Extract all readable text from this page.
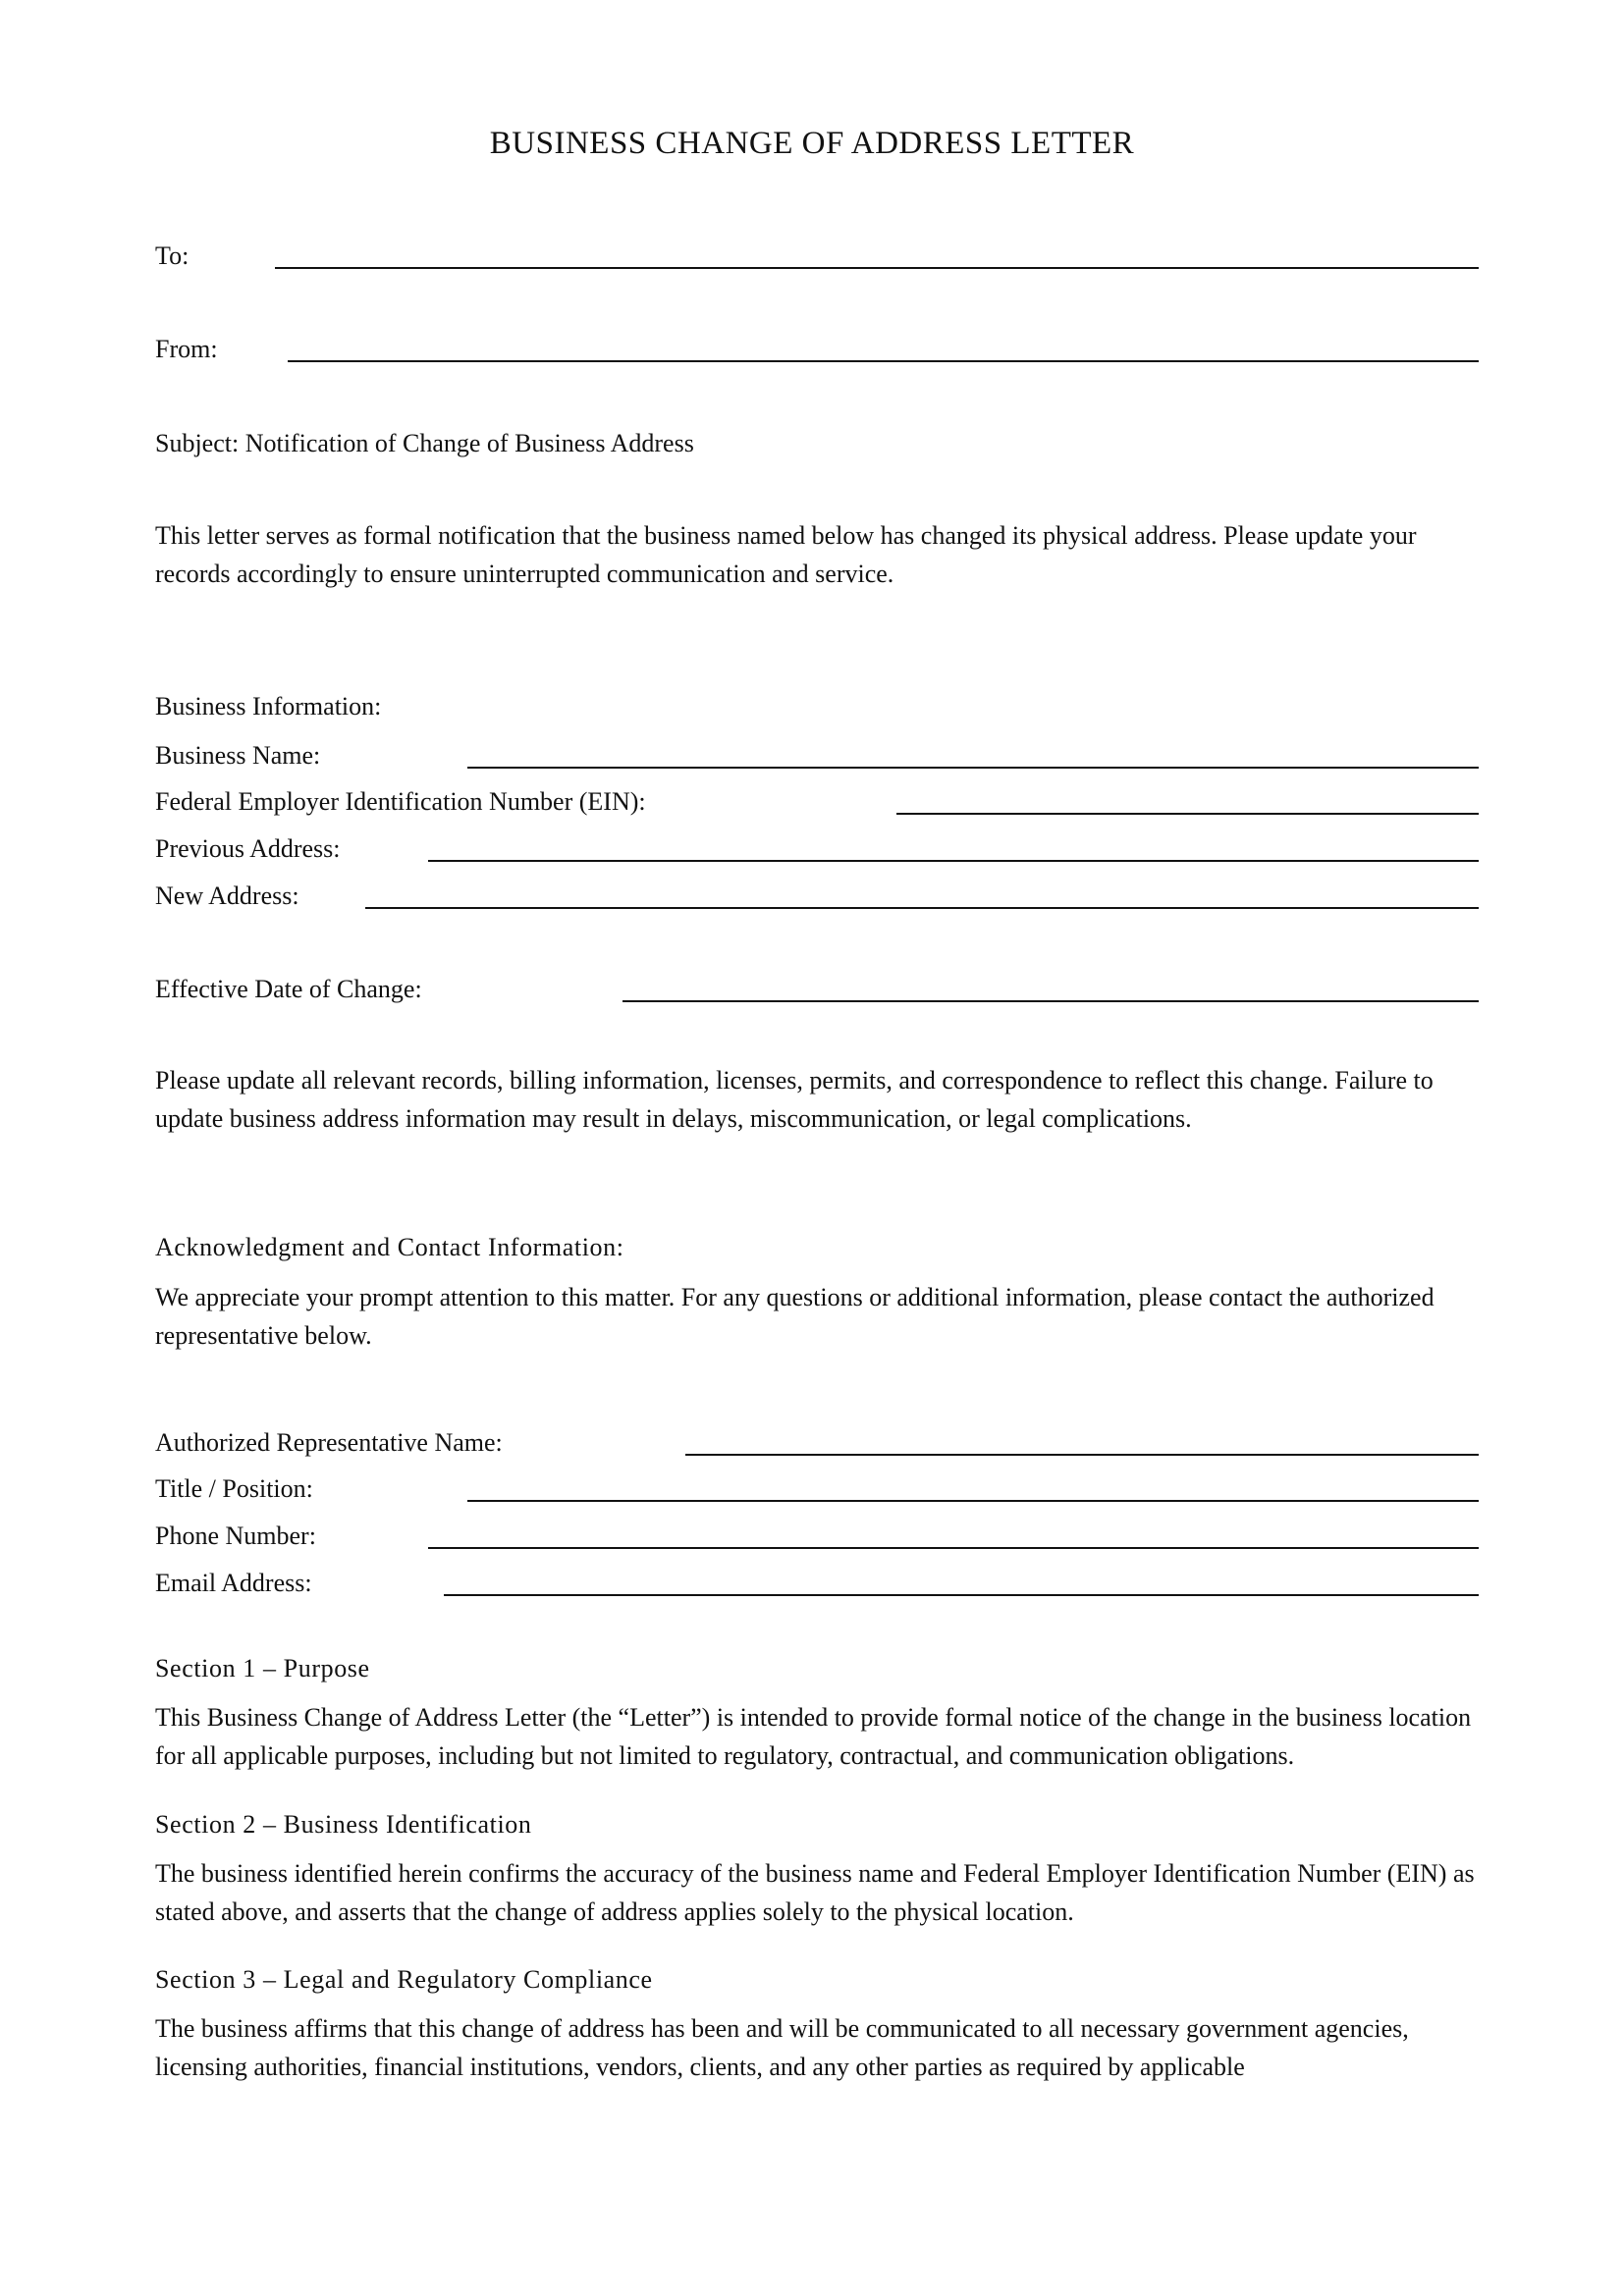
BUSINESS CHANGE OF ADDRESS LETTER
To:
From:
Subject: Notification of Change of Business Address
This letter serves as formal notification that the business named below has changed its physical address. Please update your records accordingly to ensure uninterrupted communication and service.
Business Information:
Business Name:
Federal Employer Identification Number (EIN):
Previous Address:
New Address:
Effective Date of Change:
Please update all relevant records, billing information, licenses, permits, and correspondence to reflect this change. Failure to update business address information may result in delays, miscommunication, or legal complications.
Acknowledgment and Contact Information:
We appreciate your prompt attention to this matter. For any questions or additional information, please contact the authorized representative below.
Authorized Representative Name:
Title / Position:
Phone Number:
Email Address:
Section 1 – Purpose
This Business Change of Address Letter (the “Letter”) is intended to provide formal notice of the change in the business location for all applicable purposes, including but not limited to regulatory, contractual, and communication obligations.
Section 2 – Business Identification
The business identified herein confirms the accuracy of the business name and Federal Employer Identification Number (EIN) as stated above, and asserts that the change of address applies solely to the physical location.
Section 3 – Legal and Regulatory Compliance
The business affirms that this change of address has been and will be communicated to all necessary government agencies, licensing authorities, financial institutions, vendors, clients, and any other parties as required by applicable
